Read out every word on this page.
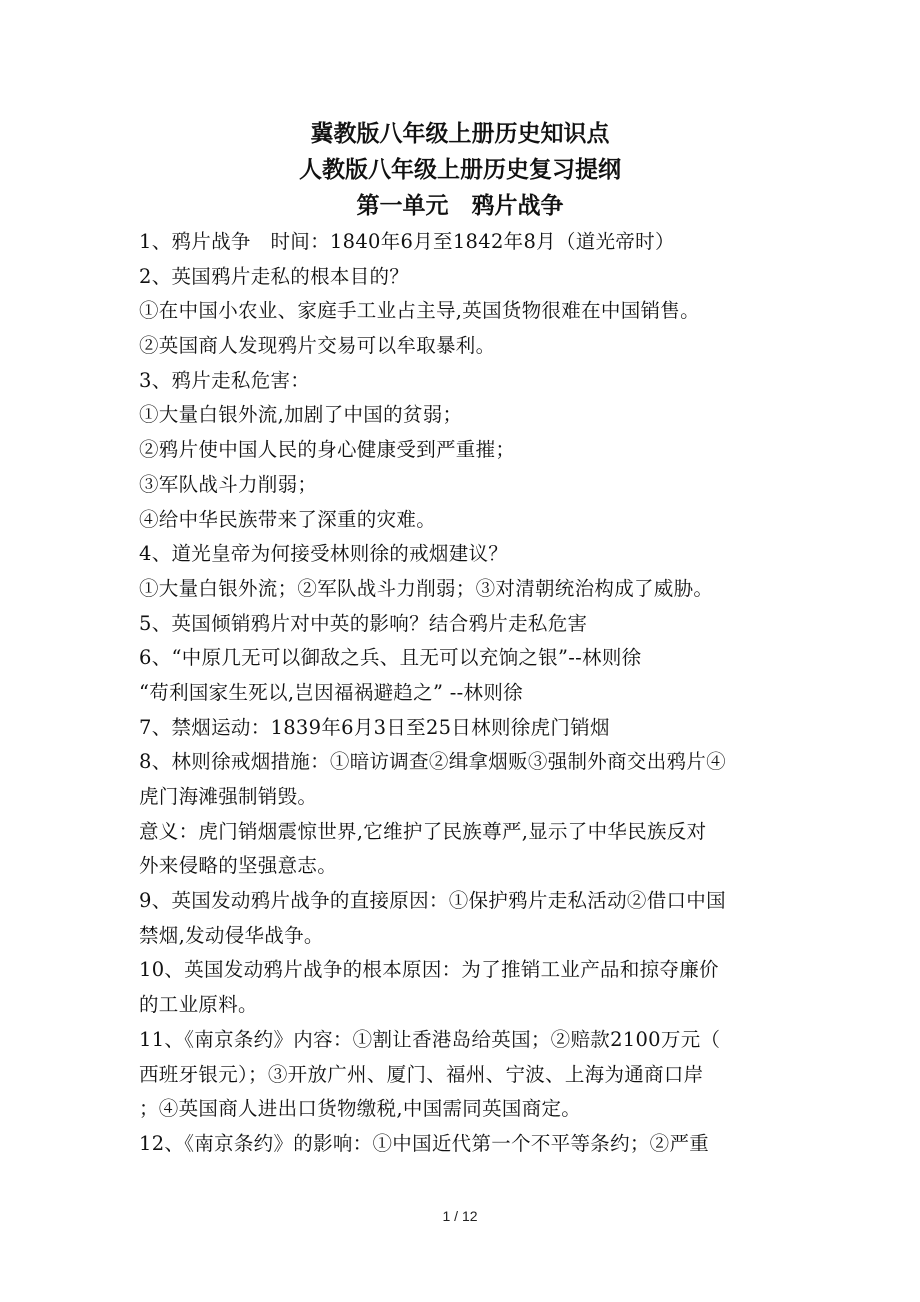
冀教版八年级上册历史知识点
人教版八年级上册历史复习提纲
第一单元　鸦片战争
1、鸦片战争　时间：1840年6月至1842年8月（道光帝时）
2、英国鸦片走私的根本目的？
①在中国小农业、家庭手工业占主导,英国货物很难在中国销售。
②英国商人发现鸦片交易可以牟取暴利。
3、鸦片走私危害：
①大量白银外流,加剧了中国的贫弱；
②鸦片使中国人民的身心健康受到严重摧；
③军队战斗力削弱；
④给中华民族带来了深重的灾难。
4、道光皇帝为何接受林则徐的戒烟建议？
①大量白银外流；②军队战斗力削弱；③对清朝统治构成了威胁。
5、英国倾销鸦片对中英的影响？结合鸦片走私危害
6、“中原几无可以御敌之兵、且无可以充饷之银”--林则徐
“苟利国家生死以,岂因福祸避趋之” --林则徐
7、禁烟运动：1839年6月3日至25日林则徐虎门销烟
8、林则徐戒烟措施：①暗访调查②缉拿烟贩③强制外商交出鸦片④
虎门海滩强制销毁。
意义：虎门销烟震惊世界,它维护了民族尊严,显示了中华民族反对
外来侵略的坚强意志。
9、英国发动鸦片战争的直接原因：①保护鸦片走私活动②借口中国
禁烟,发动侵华战争。
10、英国发动鸦片战争的根本原因：为了推销工业产品和掠夺廉价
的工业原料。
11、《南京条约》内容：①割让香港岛给英国；②赔款2100万元（
西班牙银元）；③开放广州、厦门、福州、宁波、上海为通商口岸
；④英国商人进出口货物缴税,中国需同英国商定。
12、《南京条约》的影响：①中国近代第一个不平等条约；②严重
1 / 12
